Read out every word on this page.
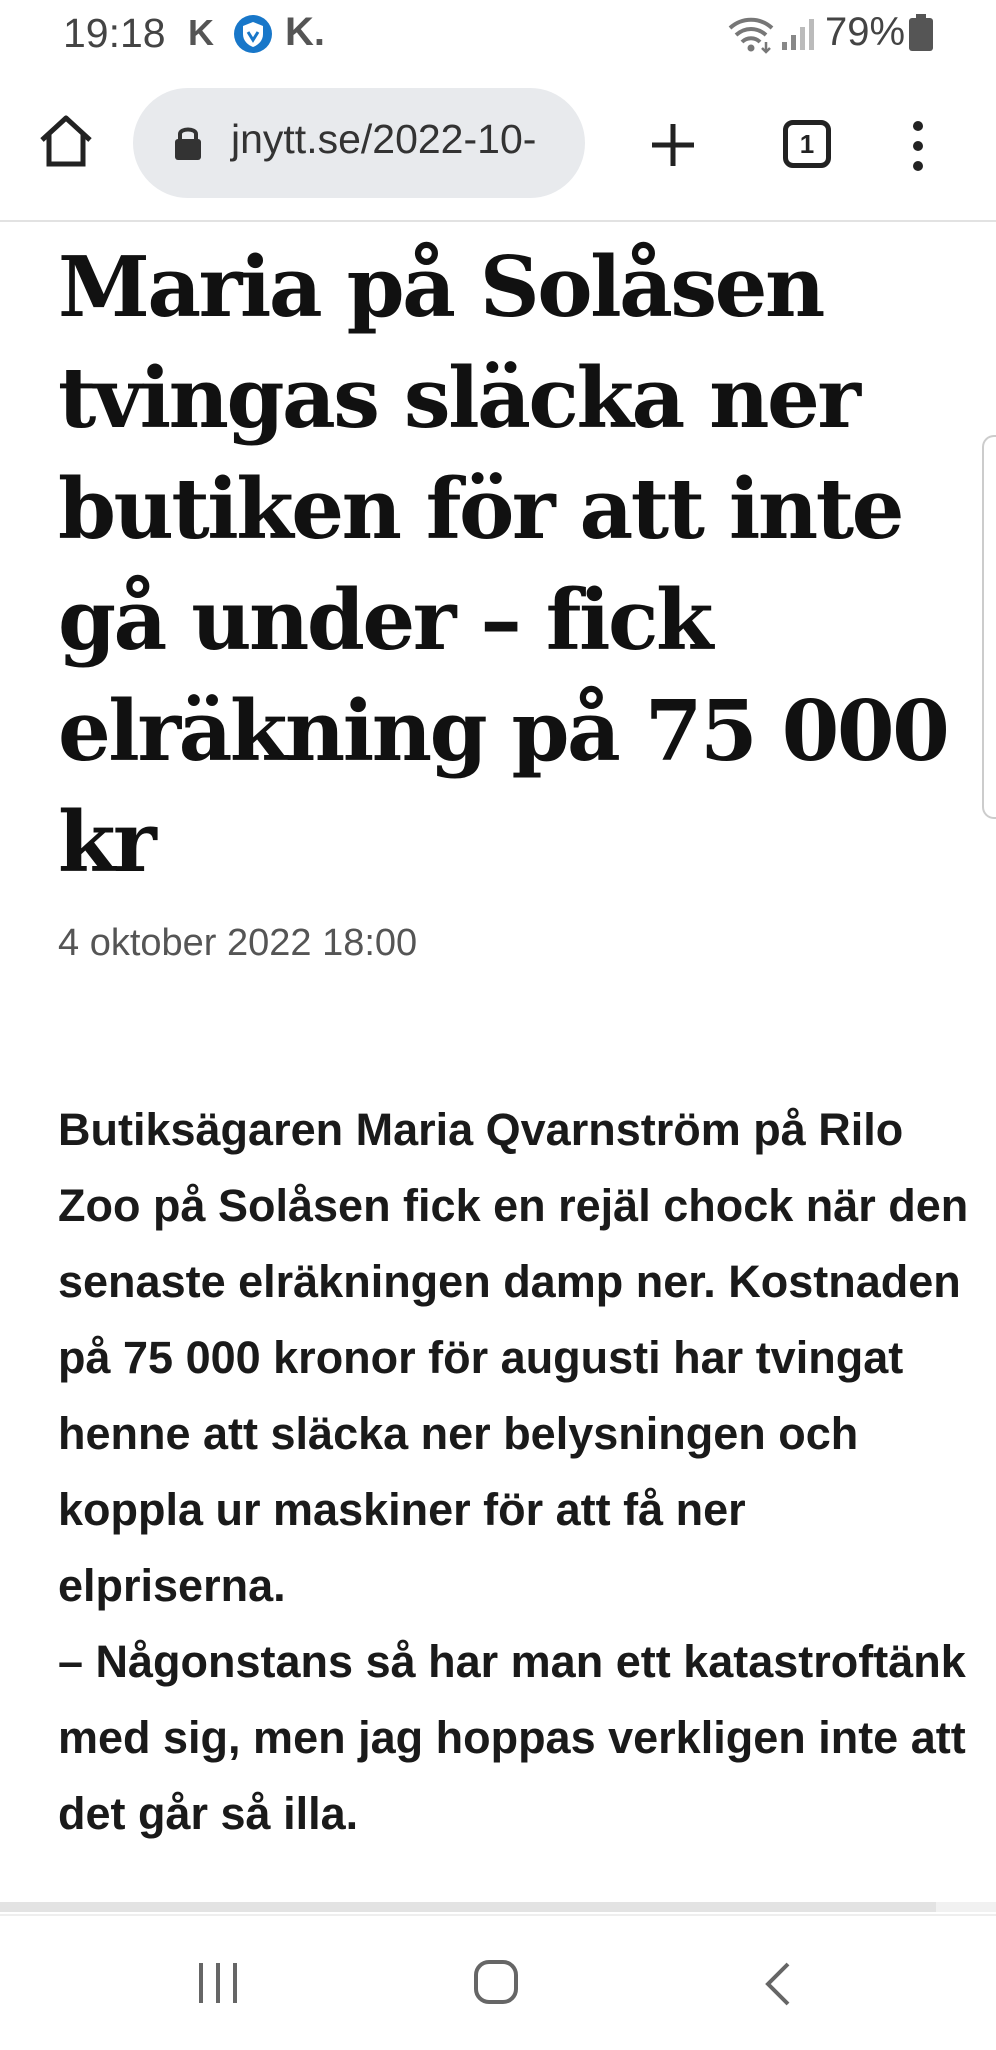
19:18 K K.	79%
jnytt.se/2022-10-	1
Maria på Solåsen tvingas släcka ner butiken för att inte gå under – fick elräkning på 75 000 kr
4 oktober 2022 18:00

Butiksägaren Maria Qvarnström på Rilo Zoo på Solåsen fick en rejäl chock när den senaste elräkningen damp ner. Kostnaden på 75 000 kronor för augusti har tvingat henne att släcka ner belysningen och koppla ur maskiner för att få ner elpriserna.

– Någonstans så har man ett katastroftänk med sig, men jag hoppas verkligen inte att det går så illa.
